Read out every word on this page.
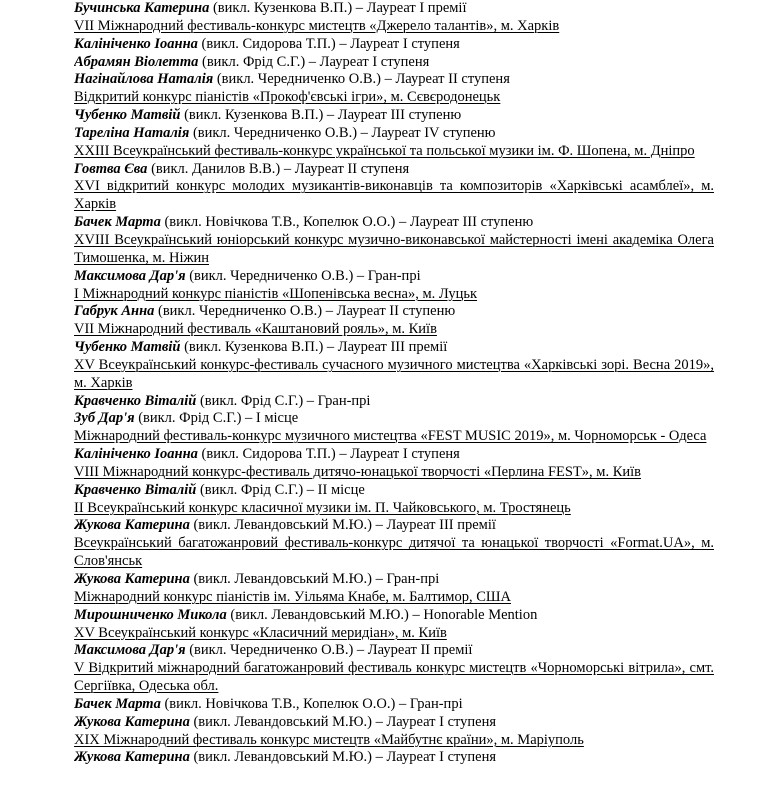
Бучинська Катерина (викл. Кузенкова В.П.) – Лауреат І премії
VII Міжнародний фестиваль-конкурс мистецтв «Джерело талантів», м. Харків
Калініченко Іоанна (викл. Сидорова Т.П.) – Лауреат І ступеня
Абрамян Віолетта (викл. Фрід С.Г.) – Лауреат І ступеня
Нагінайлова Наталія (викл. Чередниченко О.В.) – Лауреат ІІ ступеня
Відкритий конкурс піаністів «Прокоф'євські ігри», м. Сєвєродонецьк
Чубенко Матвій (викл. Кузенкова В.П.) – Лауреат ІІІ ступеню
Тареліна Наталія (викл. Чередниченко О.В.) – Лауреат IV ступеню
XXIII Всеукраїнський фестиваль-конкурс української та польської музики ім. Ф. Шопена, м. Дніпро
Говтва Єва (викл. Данилов В.В.) – Лауреат ІІ ступеня
XVI відкритий конкурс молодих музикантів-виконавців та композиторів «Харківські асамблеї», м. Харків
Бачек Марта (викл. Новічкова Т.В., Копелюк О.О.) – Лауреат ІІІ ступеню
XVIII Всеукраїнський юніорський конкурс музично-виконавської майстерності імені академіка Олега Тимошенка, м. Ніжин
Максимова Дар'я (викл. Чередниченко О.В.) – Гран-прі
І Міжнародний конкурс піаністів «Шопенівська весна», м. Луцьк
Габрук Анна (викл. Чередниченко О.В.) – Лауреат ІІ ступеню
VII Міжнародний фестиваль «Каштановий рояль», м. Київ
Чубенко Матвій (викл. Кузенкова В.П.) – Лауреат ІІІ премії
XV Всеукраїнський конкурс-фестиваль сучасного музичного мистецтва «Харківські зорі. Весна 2019», м. Харків
Кравченко Віталій (викл. Фрід С.Г.) – Гран-прі
Зуб Дар'я (викл. Фрід С.Г.) – І місце
Міжнародний фестиваль-конкурс музичного мистецтва «FEST MUSIC 2019», м. Чорноморськ - Одеса
Калініченко Іоанна (викл. Сидорова Т.П.) – Лауреат І ступеня
VIII Міжнародний конкурс-фестиваль дитячо-юнацької творчості «Перлина FEST», м. Київ
Кравченко Віталій (викл. Фрід С.Г.) – ІІ місце
ІІ Всеукраїнський конкурс класичної музики ім. П. Чайковського, м. Тростянець
Жукова Катерина (викл. Левандовський М.Ю.) – Лауреат ІІІ премії
Всеукраїнський багатожанровий фестиваль-конкурс дитячої та юнацької творчості «Format.UA», м. Слов'янськ
Жукова Катерина (викл. Левандовський М.Ю.) – Гран-прі
Міжнародний конкурс піаністів ім. Уільяма Кнабе, м. Балтимор, США
Мирошниченко Микола (викл. Левандовський М.Ю.) – Honorable Mention
XV Всеукраїнський конкурс «Класичний меридіан», м. Київ
Максимова Дар'я (викл. Чередниченко О.В.) – Лауреат ІІ премії
V Відкритий міжнародний багатожанровий фестиваль конкурс мистецтв «Чорноморські вітрила», смт. Сергіївка, Одеська обл.
Бачек Марта (викл. Новічкова Т.В., Копелюк О.О.) – Гран-прі
Жукова Катерина (викл. Левандовський М.Ю.) – Лауреат І ступеня
XIX Міжнародний фестиваль конкурс мистецтв «Майбутнє країни», м. Маріуполь
Жукова Катерина (викл. Левандовський М.Ю.) – Лауреат І ступеня
